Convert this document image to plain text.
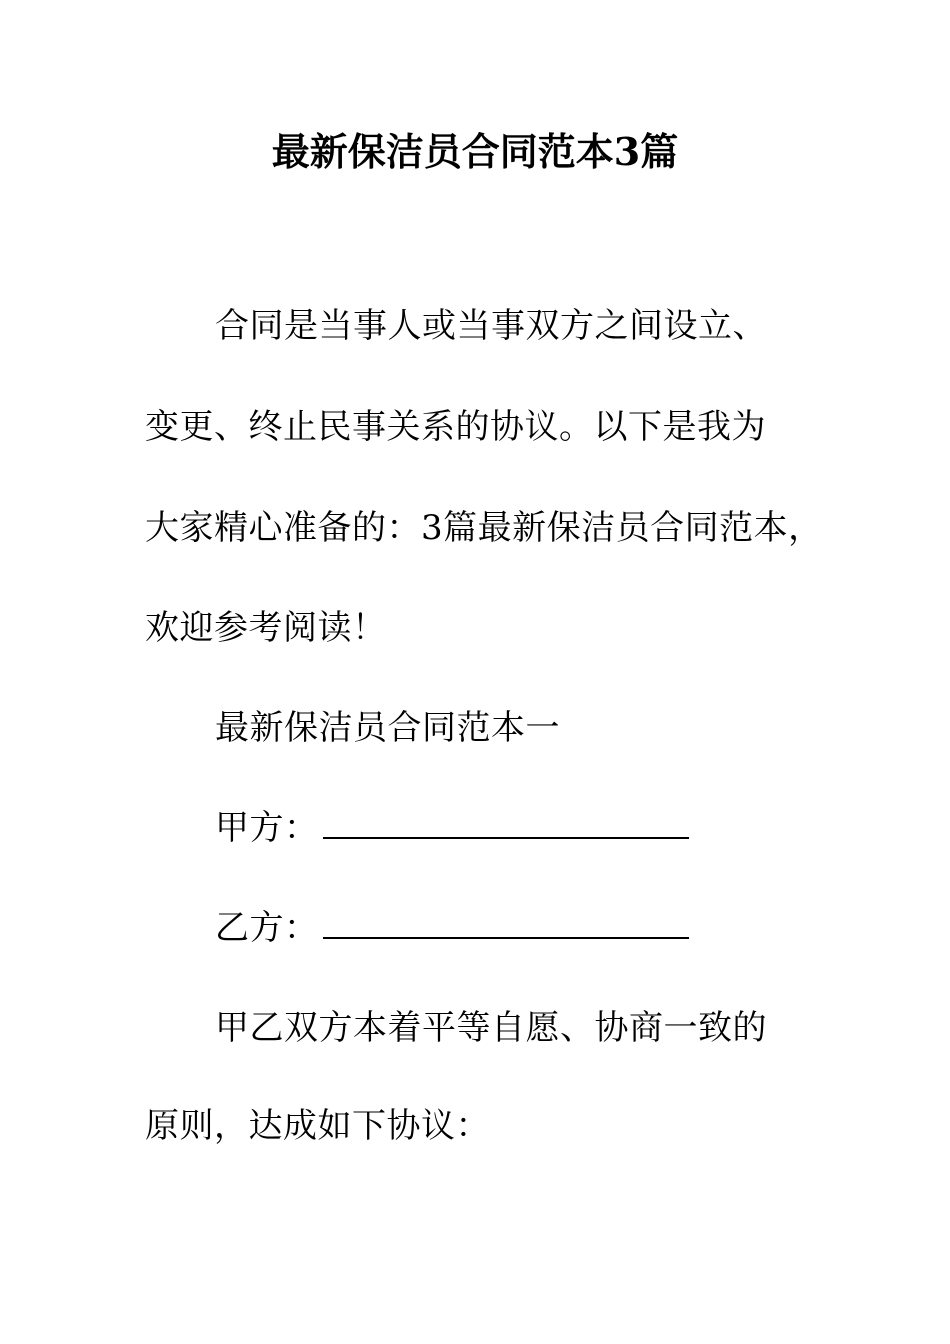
最新保洁员合同范本3篇
合同是当事人或当事双方之间设立、
变更、终止民事关系的协议。以下是我为
大家精心准备的：3篇最新保洁员合同范本，
欢迎参考阅读！
最新保洁员合同范本一
甲方：
乙方：
甲乙双方本着平等自愿、协商一致的
原则，达成如下协议：
